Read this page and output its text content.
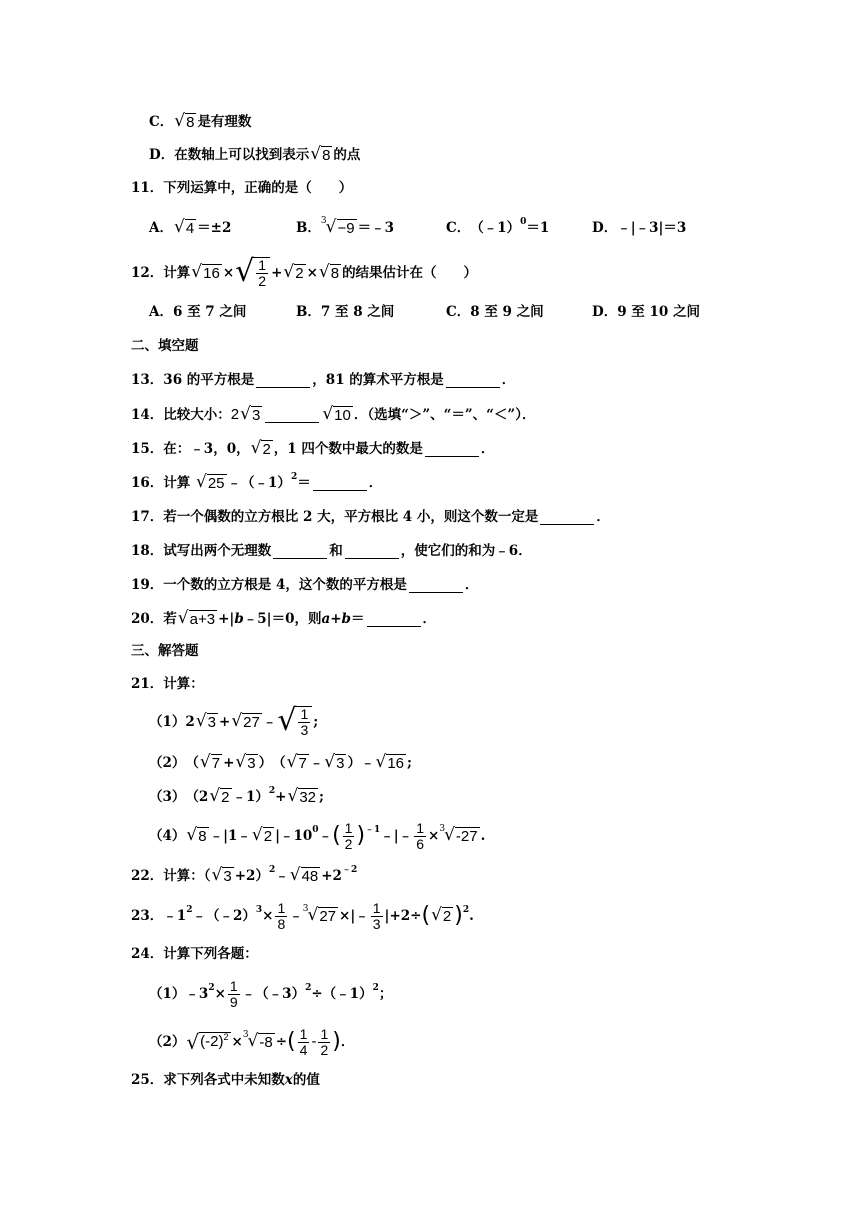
C． √ 8 是有理数
D．在数轴上可以找到表示 √ 8 的点
11． 下列运算中，正确的是（　　）
A． √ 4 ＝±2	B． 3 √ −9 ＝﹣3	C． （﹣1） 0 ＝1	D． ﹣|﹣3|＝3
12． 计算 √ 16 × √ $\frac{1}{2}$ + √ 2 × √ 8 的结果估计在（　　）
A．6 至 7 之间	B．7 至 8 之间	C．8 至 9 之间	D．9 至 10 之间
二、填空题
13． 36 的平方根是	，81 的算术平方根是	．
14． 比较大小： 2 √ 3	√ 10 ．（选填“＞”、“＝”、“＜”）．
15． 在：﹣3，0， √ 2 ，1 四个数中最大的数是	．
16． 计算
√ 25 ﹣（﹣1） 2 ＝	．
17． 若一个偶数的立方根比 2 大，平方根比 4 小，则这个数一定是	．
18． 试写出两个无理数	和	，使它们的和为﹣6．
19． 一个数的立方根是 4，这个数的平方根是	．
20． 若 √ a+3 +| b ﹣5|＝0，则 a + b ＝	．
三、解答题
21． 计算：
（1） 2 √ 3 + √ 27 ﹣ √ $\frac{1}{3}$ ;
（2） （ √ 7 + √ 3 ） （ √ 7 ﹣ √ 3 ） ﹣ √ 16 ;
（3） （2 √ 2 ﹣1） 2 + √ 32 ;
（4） √ 8 ﹣|1﹣ √ 2 |﹣10 0 ﹣ ( $\frac{1}{2}$ ) ﹣1 ﹣|﹣ $\frac{1}{6} \times 3$ √ -27 .
22． 计算：（ √ 3 +2） 2 ﹣ √ 48 +2 ﹣2
23． ﹣1 2 ﹣（﹣2） $3 \times \frac{1}{8}$ ﹣ 3 √ 27 × |﹣ $\frac{1}{3} |+2\div$ ( √ 2 ) 2 .
24． 计算下列各题：
（1） ﹣3 $2 \times \frac{1}{9}$ ﹣（﹣3） 2 ÷（﹣1） 2 ；
（2） √ $(-2)^2 \times 3$ √ -8 ÷ ( $\frac{1}{4} - \frac{1}{2}$ ) ．
25． 求下列各式中未知数 x 的值
